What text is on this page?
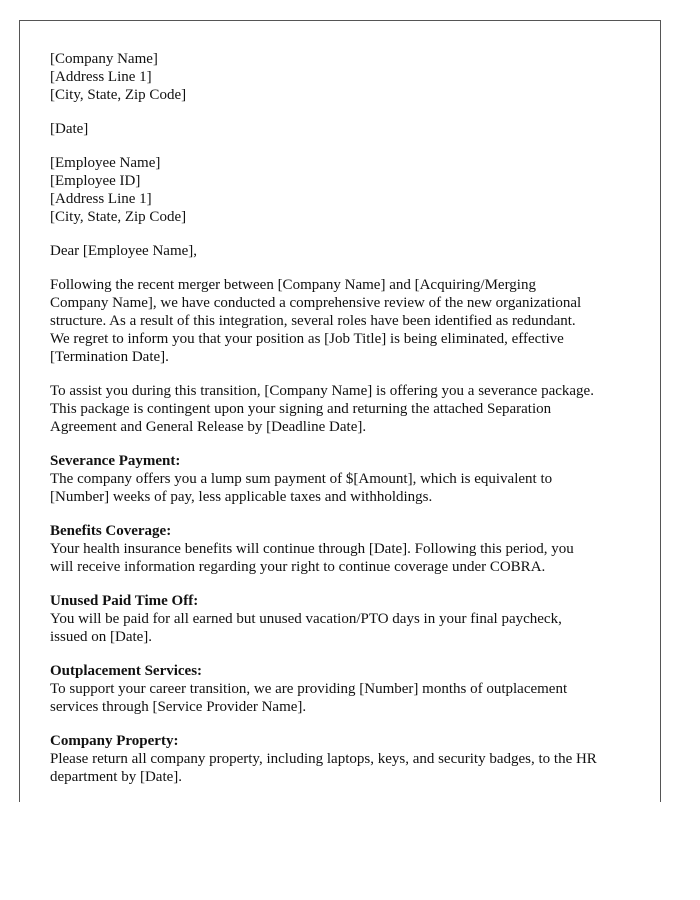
[Company Name]
[Address Line 1]
[City, State, Zip Code]
[Date]
[Employee Name]
[Employee ID]
[Address Line 1]
[City, State, Zip Code]
Dear [Employee Name],

Following the recent merger between [Company Name] and [Acquiring/Merging
Company Name], we have conducted a comprehensive review of the new organizational
structure. As a result of this integration, several roles have been identified as redundant.
We regret to inform you that your position as [Job Title] is being eliminated, effective
[Termination Date].

To assist you during this transition, [Company Name] is offering you a severance package.
This package is contingent upon your signing and returning the attached Separation
Agreement and General Release by [Deadline Date].

Severance Payment:
The company offers you a lump sum payment of $[Amount], which is equivalent to
[Number] weeks of pay, less applicable taxes and withholdings.
Benefits Coverage:
Your health insurance benefits will continue through [Date]. Following this period, you
will receive information regarding your right to continue coverage under COBRA.
Unused Paid Time Off:
You will be paid for all earned but unused vacation/PTO days in your final paycheck,
issued on [Date].
Outplacement Services:
To support your career transition, we are providing [Number] months of outplacement
services through [Service Provider Name].
Company Property:
Please return all company property, including laptops, keys, and security badges, to the HR
department by [Date].
